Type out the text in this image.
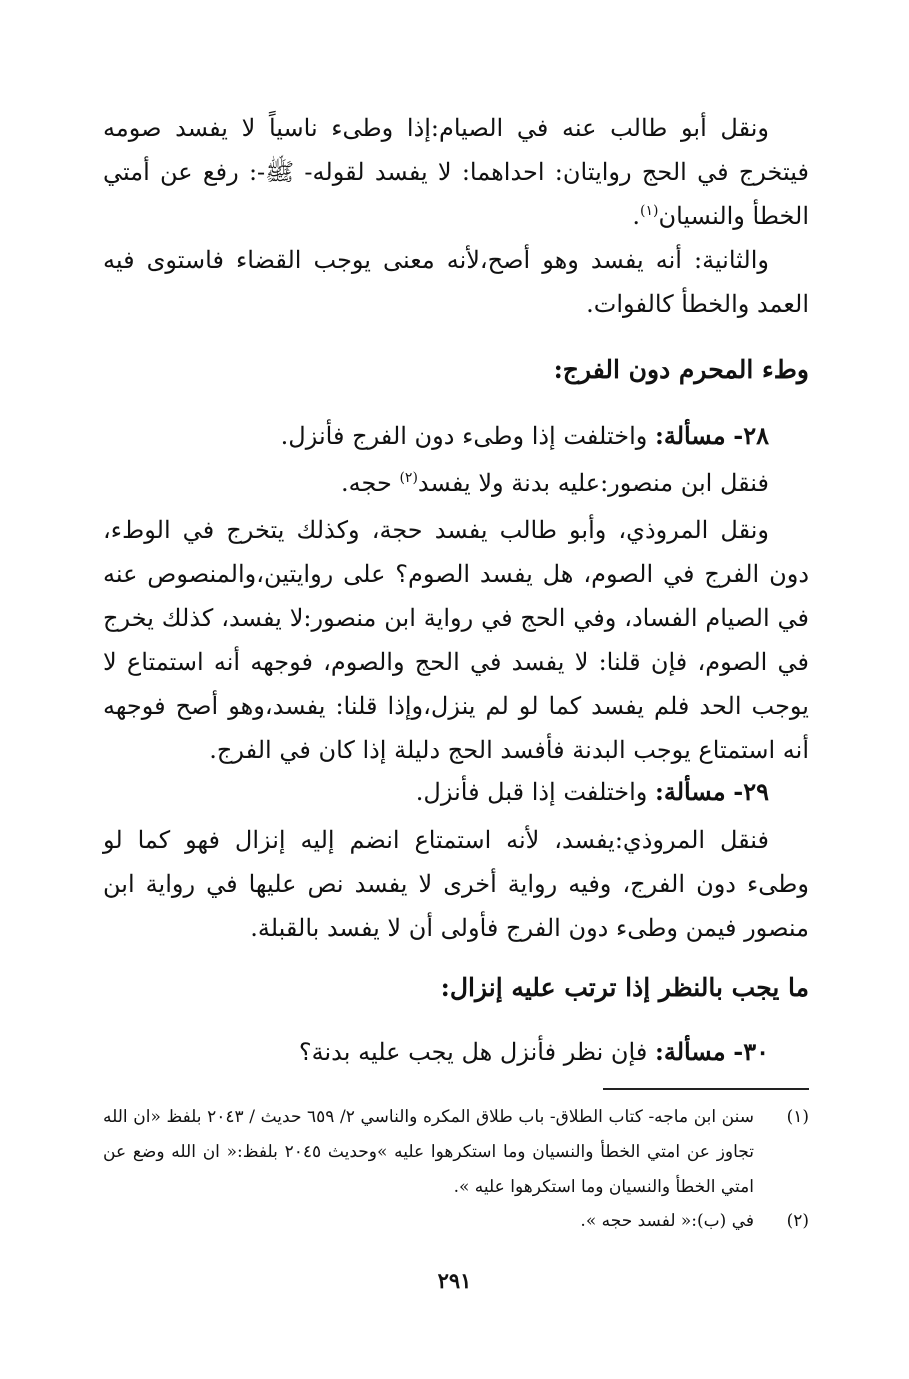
ونقل أبو طالب عنه في الصيام:إذا وطىء ناسياً لا يفسد صومه فيتخرج في الحج روايتان: احداهما: لا يفسد لقوله- ﷺ-: رفع عن أمتي الخطأ والنسيان$^{(١)}$.

والثانية: أنه يفسد وهو أصح،لأنه معنى يوجب القضاء فاستوى فيه العمد والخطأ كالفوات.

وطء المحرم دون الفرج:

٢٨- مسألة: واختلفت إذا وطىء دون الفرج فأنزل.

فنقل ابن منصور:عليه بدنة ولا يفسد$^{(٢)}$ حجه.

ونقل المروذي، وأبو طالب يفسد حجة، وكذلك يتخرج في الوطء، دون الفرج في الصوم، هل يفسد الصوم؟ على روايتين،والمنصوص عنه في الصيام الفساد، وفي الحج في رواية ابن منصور:لا يفسد، كذلك يخرج في الصوم، فإن قلنا: لا يفسد في الحج والصوم، فوجهه أنه استمتاع لا يوجب الحد فلم يفسد كما لو لم ينزل،وإذا قلنا: يفسد،وهو أصح فوجهه أنه استمتاع يوجب البدنة فأفسد الحج دليلة إذا كان في الفرج.

٢٩- مسألة: واختلفت إذا قبل فأنزل.

فنقل المروذي:يفسد، لأنه استمتاع انضم إليه إنزال فهو كما لو وطىء دون الفرج، وفيه رواية أخرى لا يفسد نص عليها في رواية ابن منصور فيمن وطىء دون الفرج فأولى أن لا يفسد بالقبلة.

ما يجب بالنظر إذا ترتب عليه إنزال:

٣٠- مسألة: فإن نظر فأنزل هل يجب عليه بدنة؟

(١)
سنن ابن ماجه- كتاب الطلاق- باب طلاق المكره والناسي ٢/ ٦٥٩ حديث / ٢٠٤٣ بلفظ «ان الله تجاوز عن امتي الخطأ والنسيان وما استكرهوا عليه »وحديث ٢٠٤٥ بلفظ:« ان الله وضع عن امتي الخطأ والنسيان وما استكرهوا عليه ».
(٢)
في (ب):« لفسد حجه ».
٢٩١
